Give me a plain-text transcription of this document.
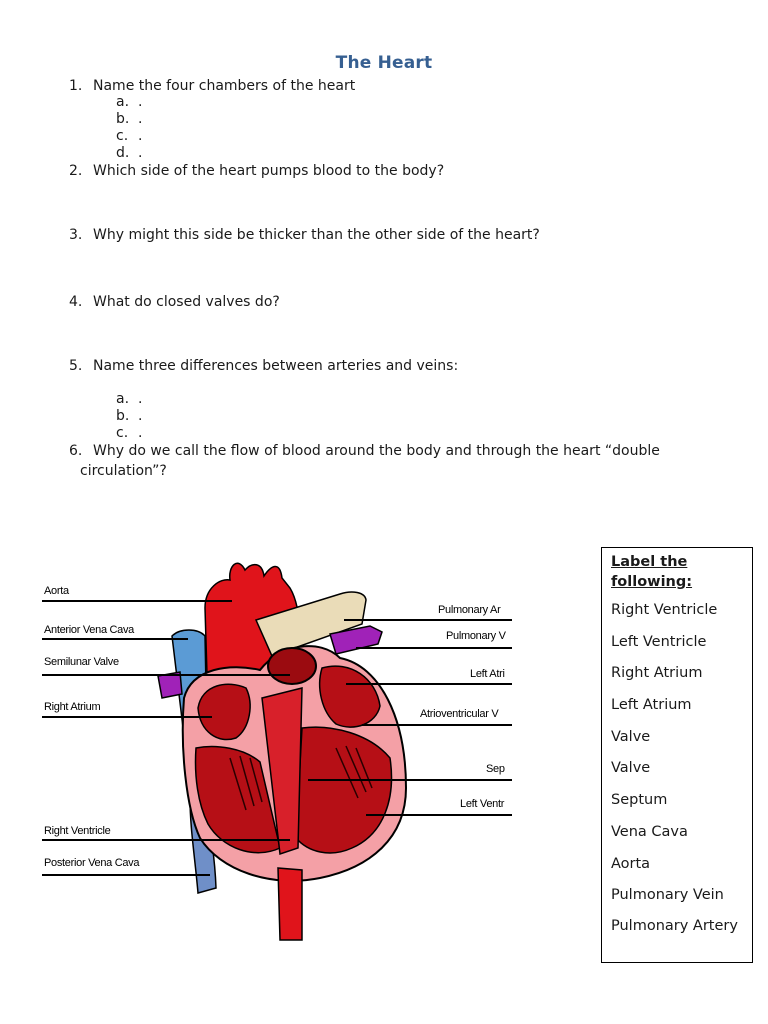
The Heart
1. Name the four chambers of the heart
a. .
b. .
c. .
d. .
2. Which side of the heart pumps blood to the body?
3. Why might this side be thicker than the other side of the heart?
4. What do closed valves do?
5. Name three differences between arteries and veins:
a. .
b. .
c. .
6. Why do we call the flow of blood around the body and through the heart “double
circulation”?
Aorta
Anterior Vena Cava
Semilunar Valve
Right Atrium
Right Ventricle
Posterior Vena Cava
Pulmonary Ar
Pulmonary V
Left Atri
Atrioventricular V
Sep
Left Ventr
Label the following:
Right Ventricle
Left Ventricle
Right Atrium
Left Atrium
Valve
Valve
Septum
Vena Cava
Aorta
Pulmonary Vein
Pulmonary Artery
